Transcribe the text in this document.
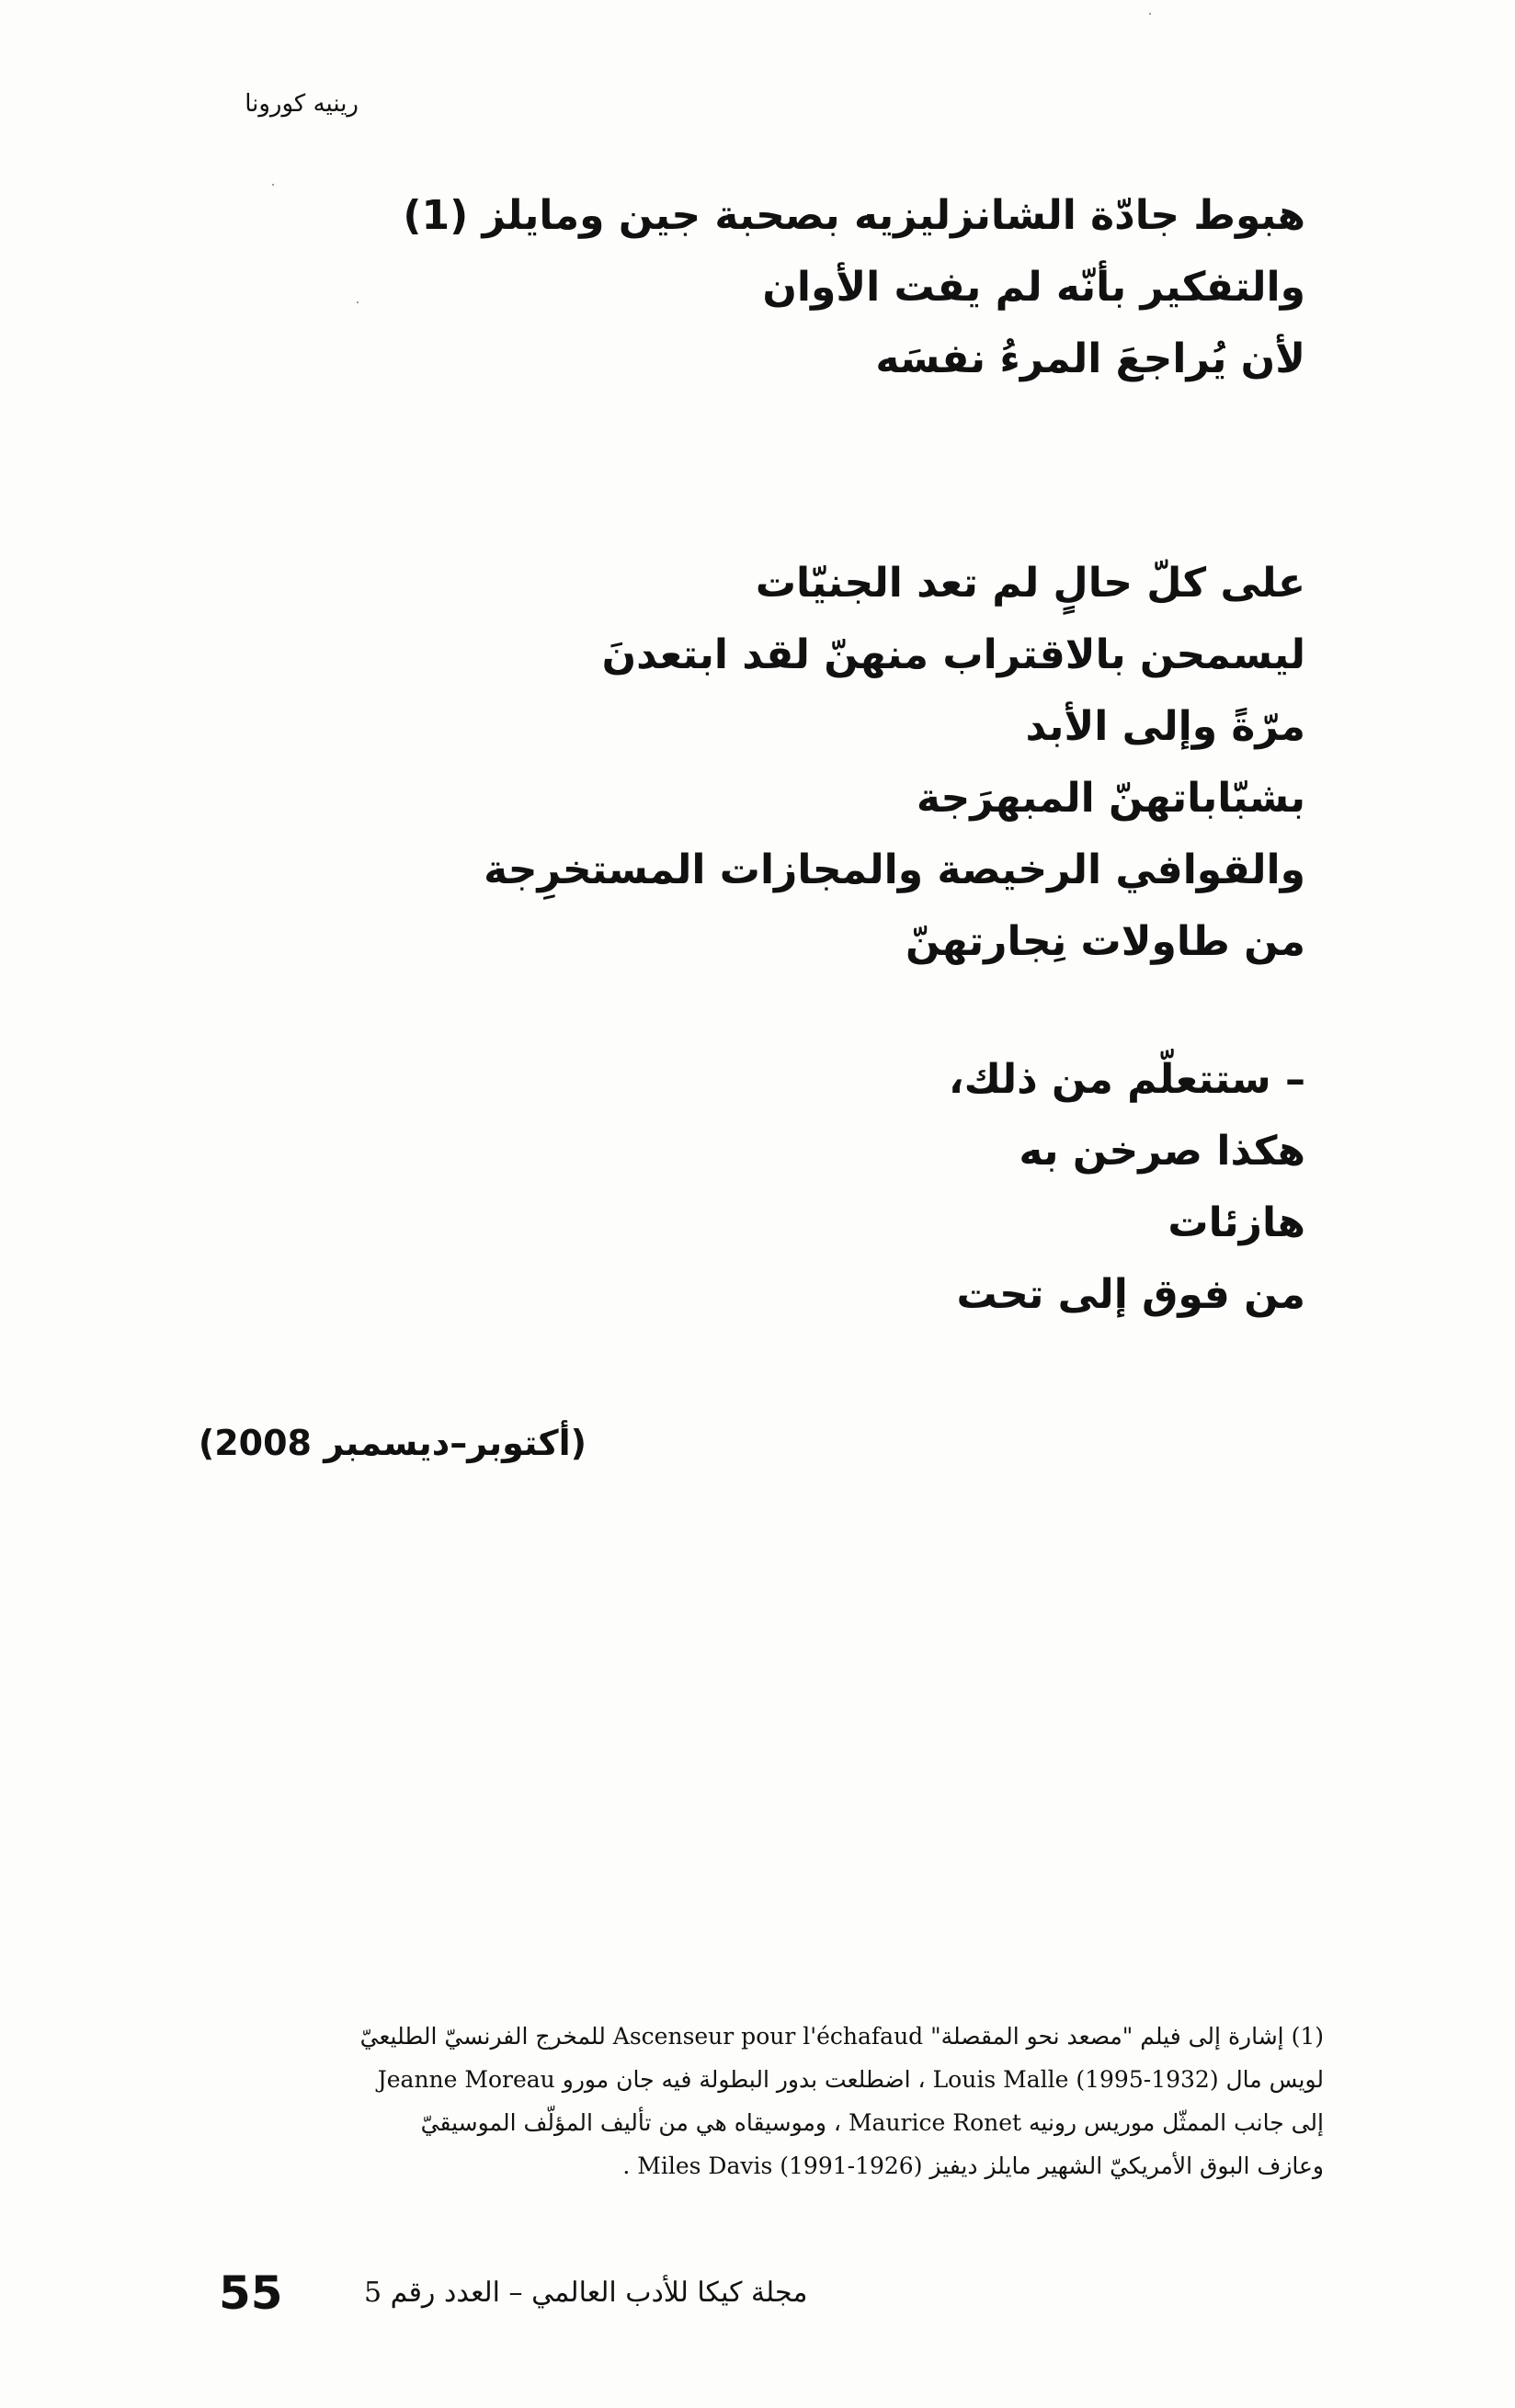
رينيه كورونا
هبوط جادّة الشانزليزيه بصحبة جين ومايلز (1)
والتفكير بأنّه لم يفت الأوان
لأن يُراجعَ المرءُ نفسَه
على كلّ حالٍ لم تعد الجنيّات
ليسمحن بالاقتراب منهنّ لقد ابتعدنَ
مرّةً وإلى الأبد
بشبّاباتهنّ المبهرَجة
والقوافي الرخيصة والمجازات المستخرِجة
من طاولات نِجارتهنّ
– ستتعلّم من ذلك،
هكذا صرخن به
هازئات
من فوق إلى تحت
(أكتوبر–ديسمبر 2008)
(1) إشارة إلى فيلم "مصعد نحو المقصلة" Ascenseur pour l'échafaud للمخرج الفرنسيّ الطليعيّ
لويس مال (1932-1995) Louis Malle ، اضطلعت بدور البطولة فيه جان مورو Jeanne Moreau
إلى جانب الممثّل موريس رونيه Maurice Ronet ، وموسيقاه هي من تأليف المؤلّف الموسيقيّ
وعازف البوق الأمريكيّ الشهير مايلز ديفيز (1926-1991) Miles Davis .
55	مجلة كيكا للأدب العالمي – العدد رقم 5
